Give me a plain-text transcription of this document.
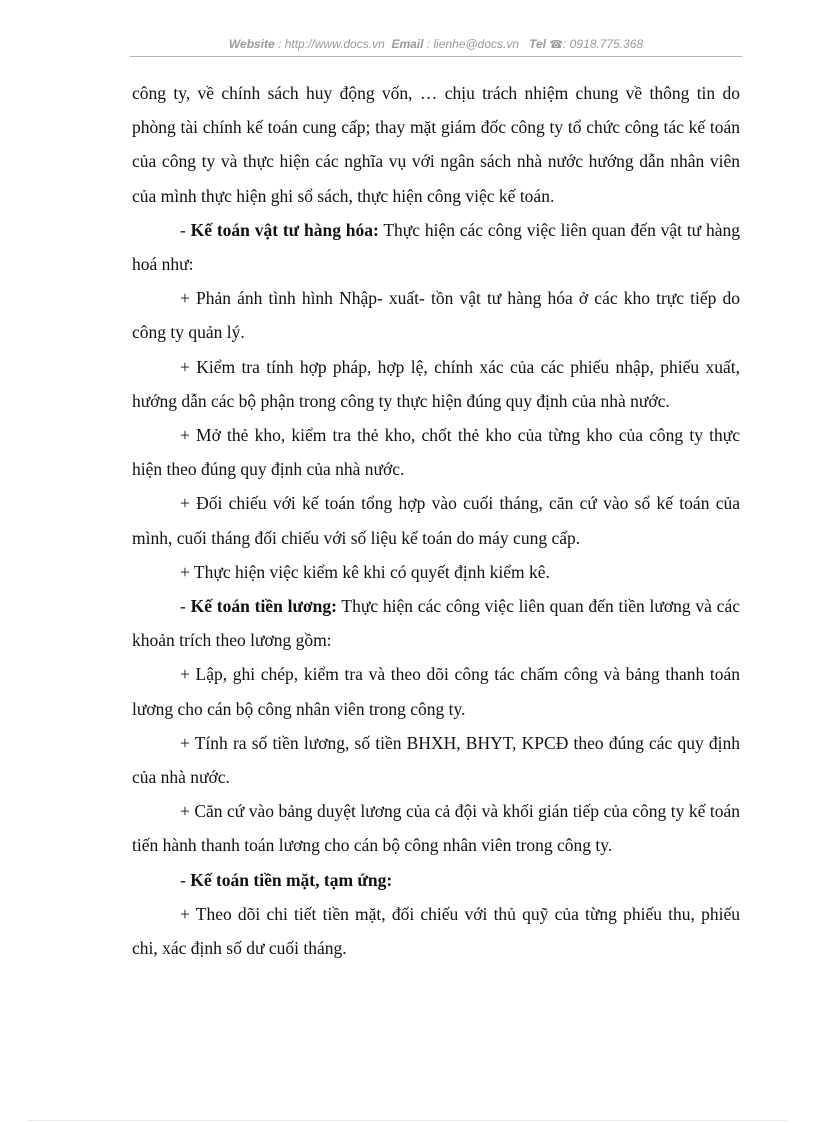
Website : http://www.docs.vn Email : lienhe@docs.vn Tel ☎: 0918.775.368

công ty, về chính sách huy động vốn, … chịu trách nhiệm chung về thông tin do phòng tài chính kế toán cung cấp; thay mặt giám đốc công ty tổ chức công tác kế toán của công ty và thực hiện các nghĩa vụ với ngân sách nhà nước hướng dẫn nhân viên của mình thực hiện ghi sổ sách, thực hiện công việc kế toán.

- Kế toán vật tư hàng hóa: Thực hiện các công việc liên quan đến vật tư hàng hoá như:

+ Phản ánh tình hình Nhập- xuất- tồn vật tư hàng hóa ở các kho trực tiếp do công ty quản lý.

+ Kiểm tra tính hợp pháp, hợp lệ, chính xác của các phiếu nhập, phiếu xuất, hướng dẫn các bộ phận trong công ty thực hiện đúng quy định của nhà nước.

+ Mở thẻ kho, kiểm tra thẻ kho, chốt thẻ kho của từng kho của công ty thực hiện theo đúng quy định của nhà nước.

+ Đối chiếu với kế toán tổng hợp vào cuối tháng, căn cứ vào sổ kế toán của mình, cuối tháng đối chiếu với số liệu kế toán do máy cung cấp.

+ Thực hiện việc kiểm kê khi có quyết định kiểm kê.

- Kế toán tiền lương: Thực hiện các công việc liên quan đến tiền lương và các khoản trích theo lương gồm:

+ Lập, ghi chép, kiểm tra và theo dõi công tác chấm công và bảng thanh toán lương cho cán bộ công nhân viên trong công ty.

+ Tính ra số tiền lương, số tiền BHXH, BHYT, KPCĐ theo đúng các quy định của nhà nước.

+ Căn cứ vào bảng duyệt lương của cả đội và khối gián tiếp của công ty kế toán tiến hành thanh toán lương cho cán bộ công nhân viên trong công ty.

- Kế toán tiền mặt, tạm ứng:

+ Theo dõi chi tiết tiền mặt, đối chiếu với thủ quỹ của từng phiếu thu, phiếu chi, xác định số dư cuối tháng.
